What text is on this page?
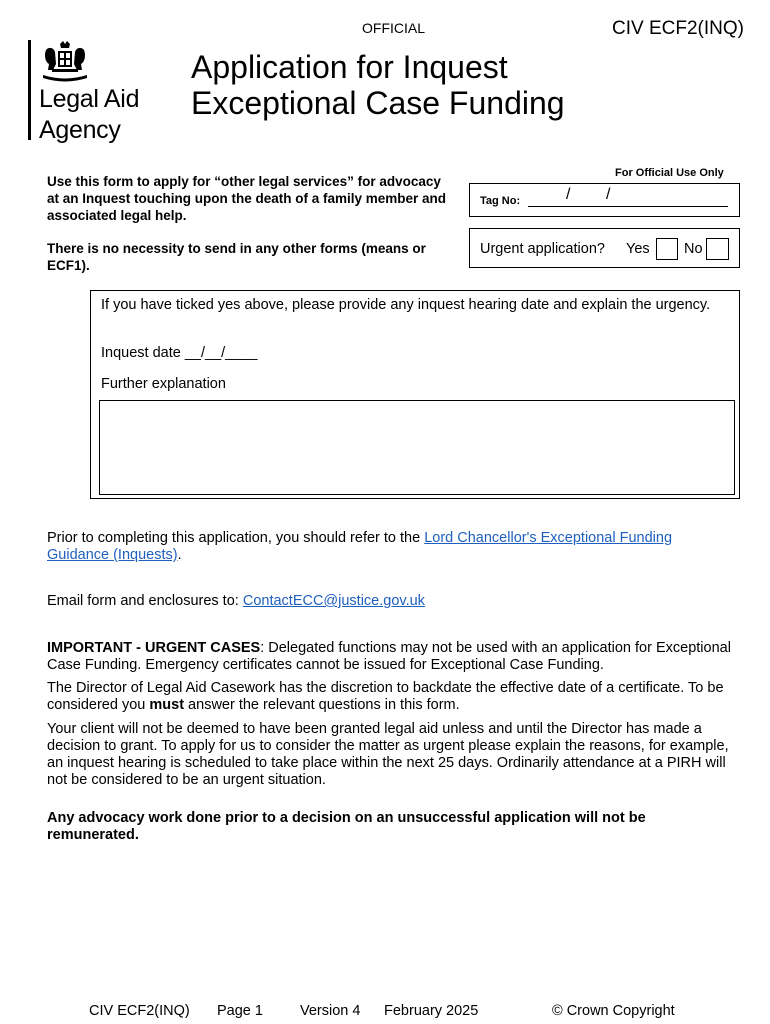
OFFICIAL	CIV ECF2(INQ)
Legal Aid
Agency
Application for Inquest
Exceptional Case Funding
Use this form to apply for “other legal services” for advocacy at an Inquest touching upon the death of a family member and associated legal help.
There is no necessity to send in any other forms (means or ECF1).
For Official Use Only
Tag No:	/ /
Urgent application? Yes No
If you have ticked yes above, please provide any inquest hearing date and explain the urgency.
Inquest date __/__/____
Further explanation

Prior to completing this application, you should refer to the Lord Chancellor's Exceptional Funding Guidance (Inquests).

Email form and enclosures to: ContactECC@justice.gov.uk

IMPORTANT - URGENT CASES: Delegated functions may not be used with an application for Exceptional Case Funding. Emergency certificates cannot be issued for Exceptional Case Funding.

The Director of Legal Aid Casework has the discretion to backdate the effective date of a certificate. To be considered you must answer the relevant questions in this form.

Your client will not be deemed to have been granted legal aid unless and until the Director has made a decision to grant. To apply for us to consider the matter as urgent please explain the reasons, for example, an inquest hearing is scheduled to take place within the next 25 days. Ordinarily attendance at a PIRH will not be considered to be an urgent situation.

Any advocacy work done prior to a decision on an unsuccessful application will not be remunerated.

CIV ECF2(INQ) Page 1	Version 4 February 2025	© Crown Copyright
